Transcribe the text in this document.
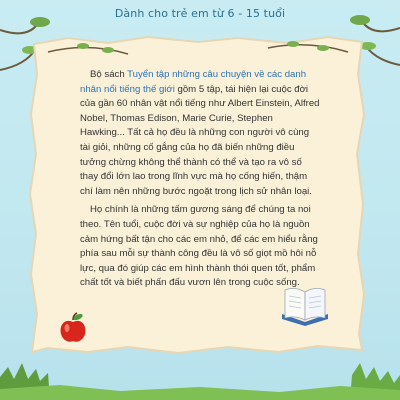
Dành cho trẻ em từ 6 - 15 tuổi

Bộ sách Tuyển tập những câu chuyện về các danh nhân nổi tiếng thế giới gồm 5 tập, tái hiện lại cuộc đời của gần 60 nhân vật nổi tiếng như Albert Einstein, Alfred Nobel, Thomas Edison, Marie Curie, Stephen Hawking... Tất cả họ đều là những con người vô cùng tài giỏi, những cố gắng của họ đã biến những điều tưởng chừng không thể thành có thể và tạo ra vô số thay đổi lớn lao trong lĩnh vực mà họ cống hiến, thậm chí làm nên những bước ngoặt trong lịch sử nhân loại.

Họ chính là những tấm gương sáng để chúng ta noi theo. Tên tuổi, cuộc đời và sự nghiệp của họ là nguồn cảm hứng bất tận cho các em nhỏ, để các em hiểu rằng phía sau mỗi sự thành công đều là vô số giọt mồ hôi nỗ lực, qua đó giúp các em hình thành thói quen tốt, phẩm chất tốt và biết phấn đấu vươn lên trong cuộc sống.
